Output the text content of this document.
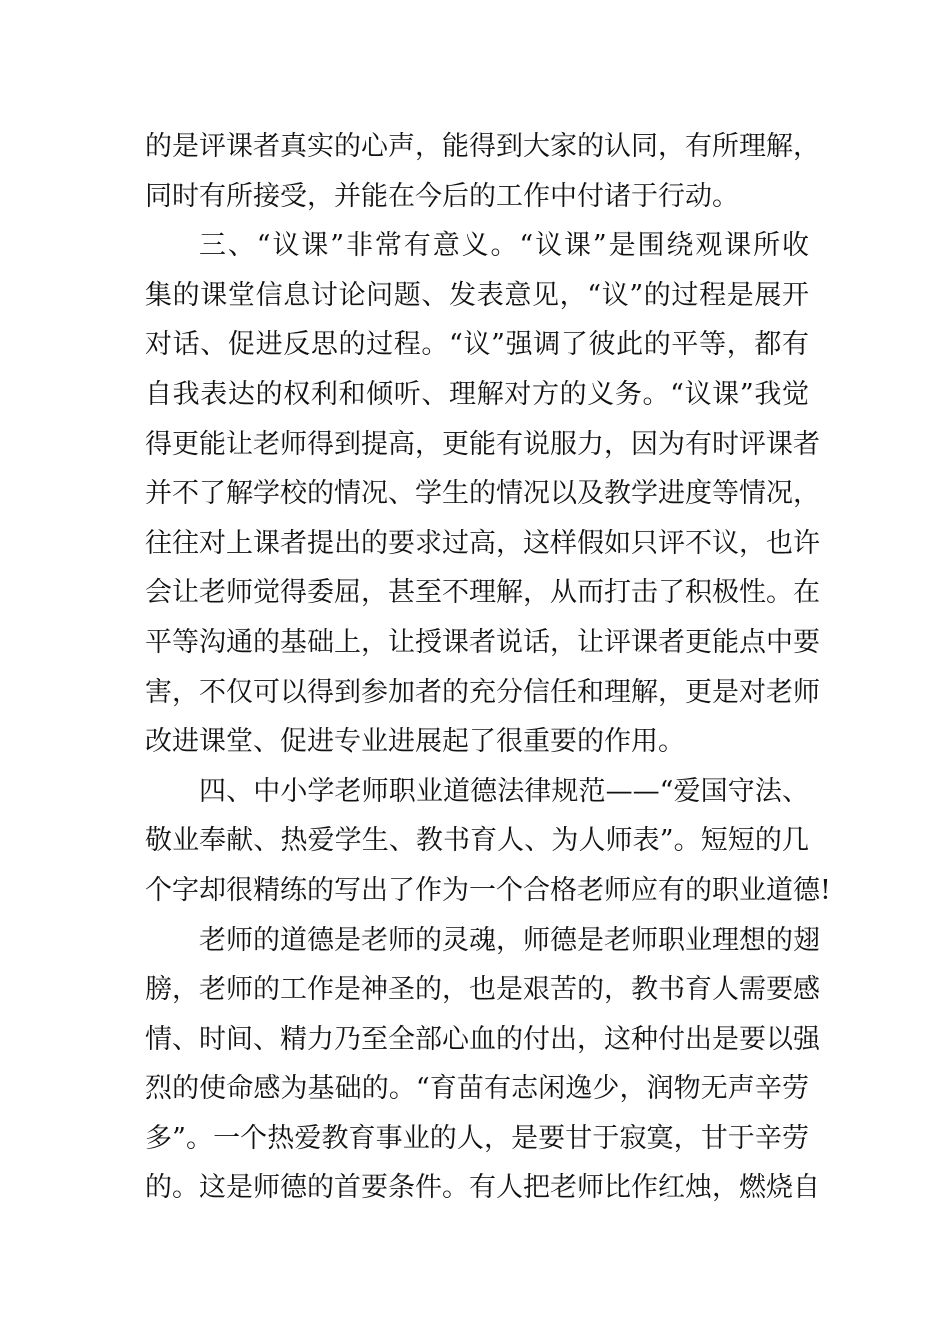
的是评课者真实的心声，能得到大家的认同，有所理解，
同时有所接受，并能在今后的工作中付诸于行动。
三、“议课”非常有意义。“议课”是围绕观课所收
集的课堂信息讨论问题、发表意见，“议”的过程是展开
对话、促进反思的过程。“议”强调了彼此的平等，都有
自我表达的权利和倾听、理解对方的义务。“议课”我觉
得更能让老师得到提高，更能有说服力，因为有时评课者
并不了解学校的情况、学生的情况以及教学进度等情况，
往往对上课者提出的要求过高，这样假如只评不议，也许
会让老师觉得委屈，甚至不理解，从而打击了积极性。在
平等沟通的基础上，让授课者说话，让评课者更能点中要
害，不仅可以得到参加者的充分信任和理解，更是对老师
改进课堂、促进专业进展起了很重要的作用。
四、中小学老师职业道德法律规范——“爱国守法、
敬业奉献、热爱学生、教书育人、为人师表”。短短的几
个字却很精练的写出了作为一个合格老师应有的职业道德!
老师的道德是老师的灵魂，师德是老师职业理想的翅
膀，老师的工作是神圣的，也是艰苦的，教书育人需要感
情、时间、精力乃至全部心血的付出，这种付出是要以强
烈的使命感为基础的。“育苗有志闲逸少，润物无声辛劳
多”。一个热爱教育事业的人，是要甘于寂寞，甘于辛劳
的。这是师德的首要条件。有人把老师比作红烛，燃烧自
